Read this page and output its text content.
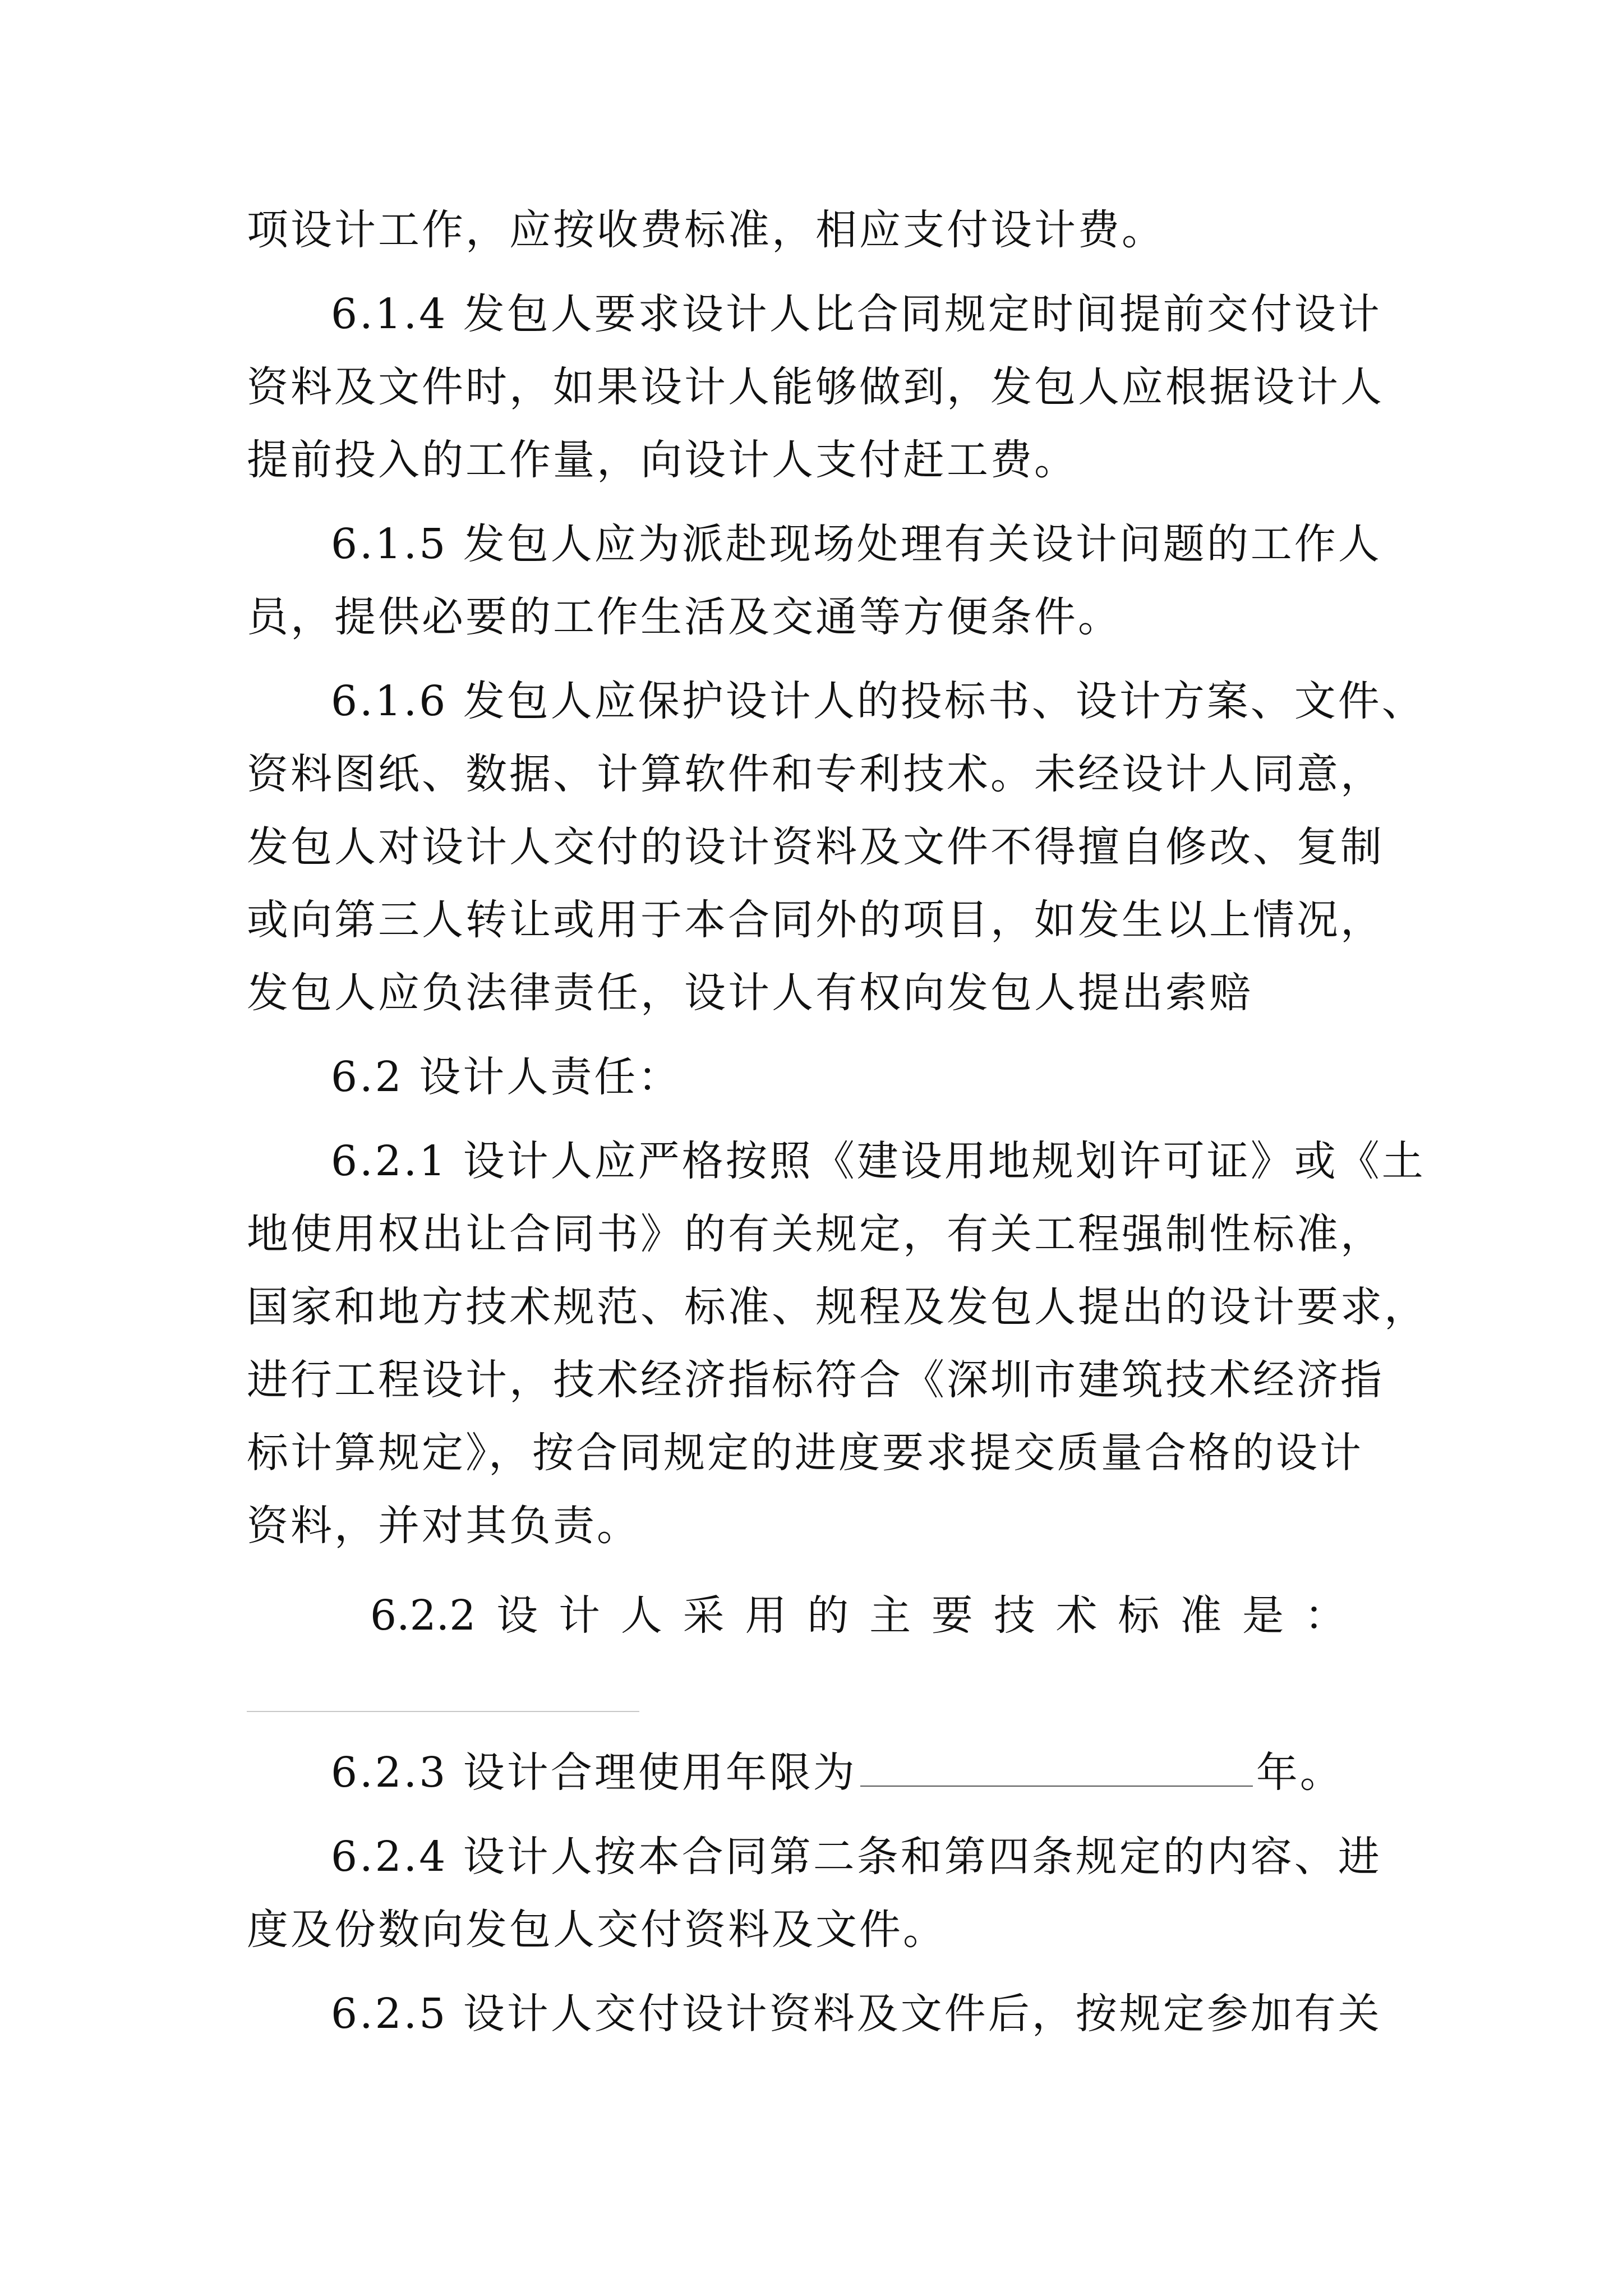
项设计工作，应按收费标准，相应支付设计费。
6.1.4 发包人要求设计人比合同规定时间提前交付设计
资料及文件时，如果设计人能够做到，发包人应根据设计人
提前投入的工作量，向设计人支付赶工费。
6.1.5 发包人应为派赴现场处理有关设计问题的工作人
员，提供必要的工作生活及交通等方便条件。
6.1.6 发包人应保护设计人的投标书、设计方案、文件、
资料图纸、数据、计算软件和专利技术。未经设计人同意，
发包人对设计人交付的设计资料及文件不得擅自修改、复制
或向第三人转让或用于本合同外的项目，如发生以上情况，
发包人应负法律责任，设计人有权向发包人提出索赔
6.2 设计人责任：
6.2.1 设计人应严格按照《建设用地规划许可证》或《土
地使用权出让合同书》的有关规定，有关工程强制性标准，
国家和地方技术规范、标准、规程及发包人提出的设计要求，
进行工程设计，技术经济指标符合《深圳市建筑技术经济指
标计算规定》，按合同规定的进度要求提交质量合格的设计
资料，并对其负责。
6.2.2 设 计 人 采 用 的 主 要 技 术 标 准 是 ：
6.2.3 设计合理使用年限为	年。
6.2.4 设计人按本合同第二条和第四条规定的内容、进
度及份数向发包人交付资料及文件。
6.2.5 设计人交付设计资料及文件后，按规定参加有关
